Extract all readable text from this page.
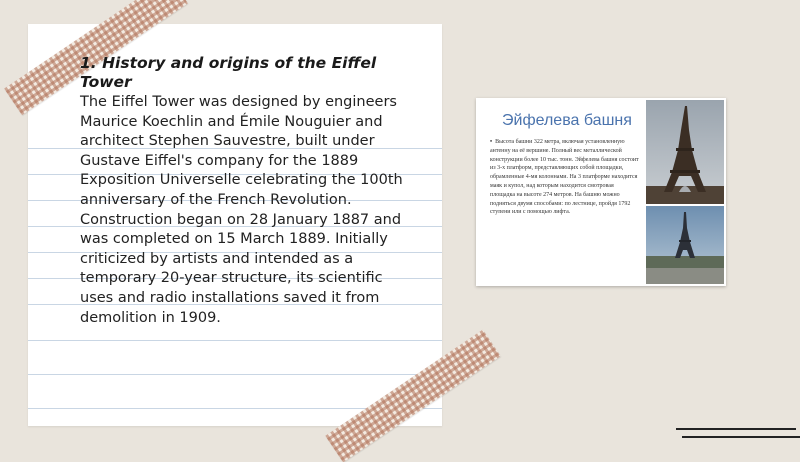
1. History and origins of the Eiffel Tower

The Eiffel Tower was designed by engineers Maurice Koechlin and Émile Nouguier and architect Stephen Sauvestre, built under Gustave Eiffel's company for the 1889 Exposition Universelle celebrating the 100th anniversary of the French Revolution. Construction began on 28 January 1887 and was completed on 15 March 1889. Initially criticized by artists and intended as a temporary 20-year structure, its scientific uses and radio installations saved it from demolition in 1909.

Эйфелева башня
• Высота башни 322 метра, включая установленную антенну на её вершине. Полный вес металлической конструкции более 10 тыс. тонн. Эйфелева башня состоит из 3-х платформ, представляющих собой площадки, обрамленные 4-мя колоннами. На 3 платформе находится маяк и купол, над которым находится смотровая площадка на высоте 274 метров. На башню можно подняться двумя способами: по лестнице, пройдя 1792 ступени или с помощью лифта.
